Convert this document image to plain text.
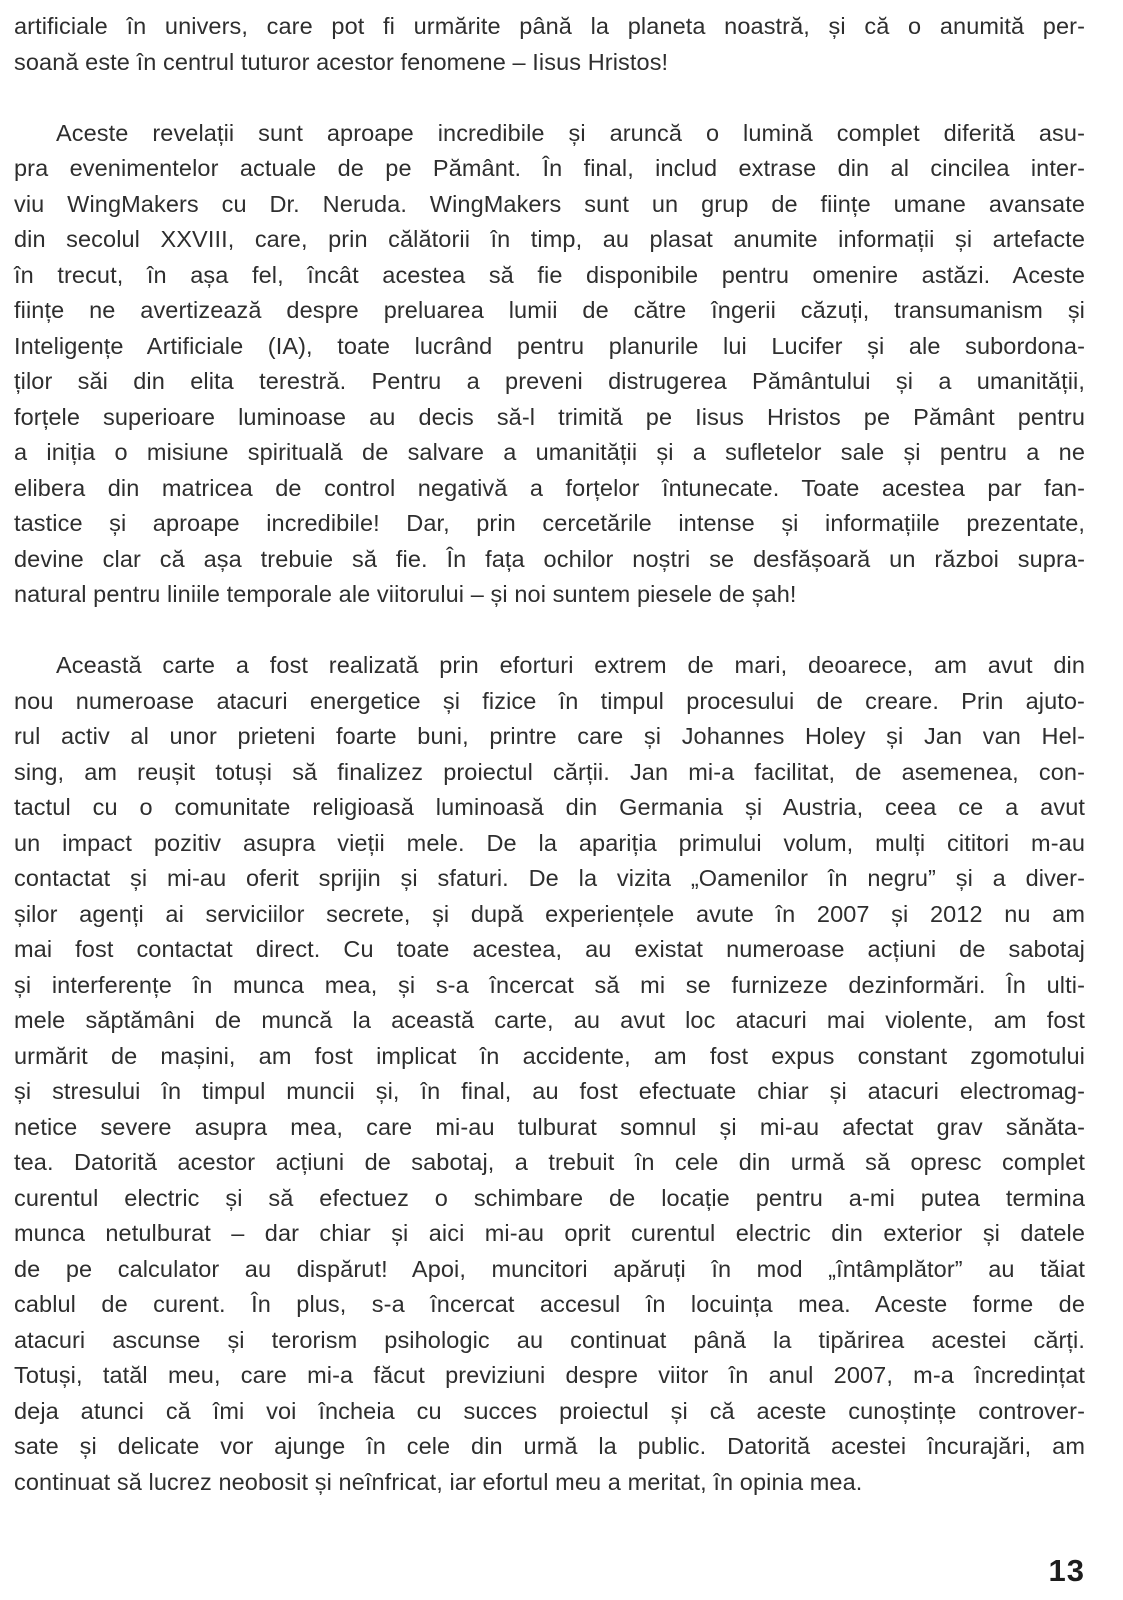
artificiale în univers, care pot fi urmărite până la planeta noastră, și că o anumită per-
soană este în centrul tuturor acestor fenomene – Iisus Hristos!
Aceste revelații sunt aproape incredibile și aruncă o lumină complet diferită asu-
pra evenimentelor actuale de pe Pământ. În final, includ extrase din al cincilea inter-
viu WingMakers cu Dr. Neruda. WingMakers sunt un grup de ființe umane avansate
din secolul XXVIII, care, prin călătorii în timp, au plasat anumite informații și artefacte
în trecut, în așa fel, încât acestea să fie disponibile pentru omenire astăzi. Aceste
ființe ne avertizează despre preluarea lumii de către îngerii căzuți, transumanism și
Inteligențe Artificiale (IA), toate lucrând pentru planurile lui Lucifer și ale subordona-
ților săi din elita terestră. Pentru a preveni distrugerea Pământului și a umanității,
forțele superioare luminoase au decis să-l trimită pe Iisus Hristos pe Pământ pentru
a iniția o misiune spirituală de salvare a umanității și a sufletelor sale și pentru a ne
elibera din matricea de control negativă a forțelor întunecate. Toate acestea par fan-
tastice și aproape incredibile! Dar, prin cercetările intense și informațiile prezentate,
devine clar că așa trebuie să fie. În fața ochilor noștri se desfășoară un război supra-
natural pentru liniile temporale ale viitorului – și noi suntem piesele de șah!
Această carte a fost realizată prin eforturi extrem de mari, deoarece, am avut din
nou numeroase atacuri energetice și fizice în timpul procesului de creare. Prin ajuto-
rul activ al unor prieteni foarte buni, printre care și Johannes Holey și Jan van Hel-
sing, am reușit totuși să finalizez proiectul cărții. Jan mi-a facilitat, de asemenea, con-
tactul cu o comunitate religioasă luminoasă din Germania și Austria, ceea ce a avut
un impact pozitiv asupra vieții mele. De la apariția primului volum, mulți cititori m-au
contactat și mi-au oferit sprijin și sfaturi. De la vizita „Oamenilor în negru” și a diver-
șilor agenți ai serviciilor secrete, și după experiențele avute în 2007 și 2012 nu am
mai fost contactat direct. Cu toate acestea, au existat numeroase acțiuni de sabotaj
și interferențe în munca mea, și s-a încercat să mi se furnizeze dezinformări. În ulti-
mele săptămâni de muncă la această carte, au avut loc atacuri mai violente, am fost
urmărit de mașini, am fost implicat în accidente, am fost expus constant zgomotului
și stresului în timpul muncii și, în final, au fost efectuate chiar și atacuri electromag-
netice severe asupra mea, care mi-au tulburat somnul și mi-au afectat grav sănăta-
tea. Datorită acestor acțiuni de sabotaj, a trebuit în cele din urmă să opresc complet
curentul electric și să efectuez o schimbare de locație pentru a-mi putea termina
munca netulburat – dar chiar și aici mi-au oprit curentul electric din exterior și datele
de pe calculator au dispărut! Apoi, muncitori apăruți în mod „întâmplător” au tăiat
cablul de curent. În plus, s-a încercat accesul în locuința mea. Aceste forme de
atacuri ascunse și terorism psihologic au continuat până la tipărirea acestei cărți.
Totuși, tatăl meu, care mi-a făcut previziuni despre viitor în anul 2007, m-a încredințat
deja atunci că îmi voi încheia cu succes proiectul și că aceste cunoștințe controver-
sate și delicate vor ajunge în cele din urmă la public. Datorită acestei încurajări, am
continuat să lucrez neobosit și neînfricat, iar efortul meu a meritat, în opinia mea.
13
